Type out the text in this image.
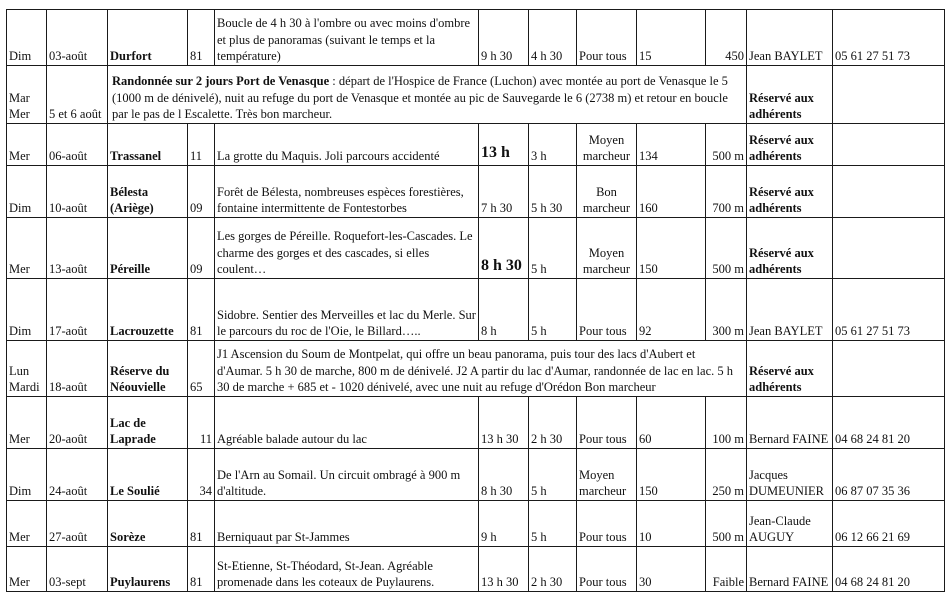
Dim	03-août	Durfort	81	Boucle de 4 h 30 à l'ombre ou avec moins d'ombre et plus de panoramas (suivant le temps et la température)	9 h 30	4 h 30	Pour tous	15	450	Jean BAYLET	05 61 27 51 73
Mar Mer	5 et 6 août	Randonnée sur 2 jours Port de Venasque : départ de l'Hospice de France (Luchon) avec montée au port de Venasque le 5 (1000 m de dénivelé), nuit au refuge du port de Venasque et montée au pic de Sauvegarde le 6 (2738 m) et retour en boucle par le pas de l Escalette. Très bon marcheur.								Réservé aux adhérents	
Mer	06-août	Trassanel	11	La grotte du Maquis. Joli parcours accidenté	13 h	3 h	Moyen marcheur	134	500 m	Réservé aux adhérents	
Dim	10-août	Bélesta (Ariège)	09	Forêt de Bélesta, nombreuses espèces forestières, fontaine intermittente de Fontestorbes	7 h 30	5 h 30	Bon marcheur	160	700 m	Réservé aux adhérents	
Mer	13-août	Péreille	09	Les gorges de Péreille. Roquefort-les-Cascades. Le charme des gorges et des cascades, si elles coulent…	8 h 30	5 h	Moyen marcheur	150	500 m	Réservé aux adhérents	
Dim	17-août	Lacrouzette	81	Sidobre. Sentier des Merveilles et lac du Merle. Sur le parcours du roc de l'Oie, le Billard…..	8 h	5 h	Pour tous	92	300 m	Jean BAYLET	05 61 27 51 73
Lun Mardi	18-août	Réserve du Néouvielle	65	J1 Ascension du Soum de Montpelat, qui offre un beau panorama, puis tour des lacs d'Aubert et d'Aumar. 5 h 30 de marche, 800 m de dénivelé. J2 A partir du lac d'Aumar, randonnée de lac en lac. 5 h 30 de marche + 685 et - 1020 dénivelé, avec une nuit au refuge d'Orédon Bon marcheur						Réservé aux adhérents	
Mer	20-août	Lac de Laprade	11	Agréable balade autour du lac	13 h 30	2 h 30	Pour tous	60	100 m	Bernard FAINE	04 68 24 81 20
Dim	24-août	Le Soulié	34	De l'Arn au Somail. Un circuit ombragé à 900 m d'altitude.	8 h 30	5 h	Moyen marcheur	150	250 m	Jacques DUMEUNIER	06 87 07 35 36
Mer	27-août	Sorèze	81	Berniquaut par St-Jammes	9 h	5 h	Pour tous	10	500 m	Jean-Claude AUGUY	06 12 66 21 69
Mer	03-sept	Puylaurens	81	St-Etienne, St-Théodard, St-Jean. Agréable promenade dans les coteaux de Puylaurens.	13 h 30	2 h 30	Pour tous	30	Faible	Bernard FAINE	04 68 24 81 20
